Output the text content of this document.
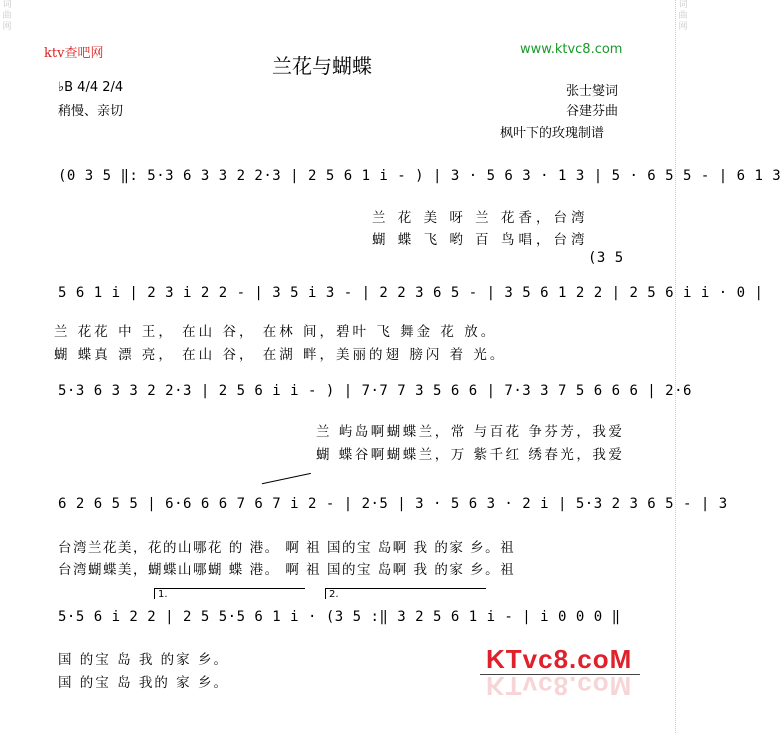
词 曲 网
词 曲 网
ktv查吧网	www.ktvc8.com
兰花与蝴蝶
♭B 4/4 2/4
稍慢、亲切
张士燮词
谷建芬曲
枫叶下的玫瑰制谱
(0 3 5 ‖: 5·3 6 3 3 2 2·3 | 2 5 6 1 i - ) | 3 · 5 6 3 · 1 3 | 5 · 6 5 5 - | 6 1 3
兰 花 美 呀 兰 花香，台湾
蝴 蝶 飞 哟 百 鸟唱，台湾
(3 5
5 6 1 i | 2 3 i 2 2 - | 3 5 i 3 - | 2 2 3 6 5 - | 3 5 6 1 2 2 | 2 5 6 i i · 0 |
兰 花花 中 王， 在山 谷， 在林 间，碧叶 飞 舞金 花 放。
蝴 蝶真 漂 亮， 在山 谷， 在湖 畔，美丽的翅 膀闪 着 光。
5·3 6 3 3 2 2·3 | 2 5 6 i i - ) | 7·7 7 3 5 6 6 | 7·3 3 7 5 6 6 6 | 2·6
兰 屿岛啊蝴蝶兰，常 与百花 争芬芳，我爱
蝴 蝶谷啊蝴蝶兰，万 紫千红 绣春光，我爱
6 2 6 5 5 | 6·6 6 6 7 6 7 i 2 - | 2·5 | 3 · 5 6 3 · 2 i | 5·3 2 3 6 5 - | 3
台湾兰花美，花的山哪花 的 港。 啊 祖 国的宝 岛啊 我 的家 乡。祖
台湾蝴蝶美，蝴蝶山哪蝴 蝶 港。 啊 祖 国的宝 岛啊 我 的家 乡。祖
1.	2.
5·5 6 i 2 2 | 2 5 5·5 6 1 i · (3 5 :‖ 3 2 5 6 1 i - | i 0 0 0 ‖
国 的宝 岛 我 的家 乡。
国 的宝 岛 我的 家 乡。
KTvc8.coM
KTvc8.coM
